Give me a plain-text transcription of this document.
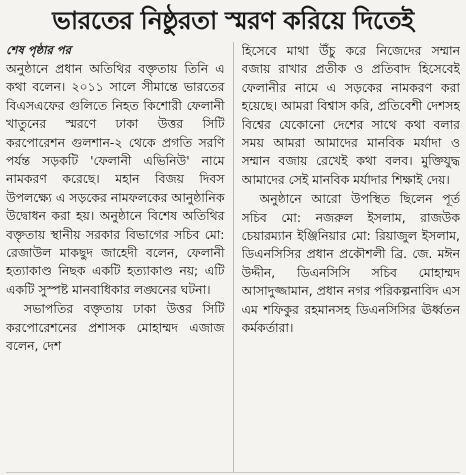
ভারতের নিষ্ঠুরতা স্মরণ করিয়ে দিতেই
শেষ পৃষ্ঠার পর

অনুষ্ঠানে প্রধান অতিথির বক্তৃতায় তিনি এ কথা বলেন। ২০১১ সালে সীমান্তে ভারতের বিএসএফের গুলিতে নিহত কিশোরী ফেলানী খাতুনের স্মরণে ঢাকা উত্তর সিটি করপোরেশন গুলশান-২ থেকে প্রগতি সরণি পর্যন্ত সড়কটি 'ফেলানী এভিনিউ' নামে নামকরণ করেছে। মহান বিজয় দিবস উপলক্ষ্যে এ সড়কের নামফলকের আনুষ্ঠানিক উদ্বোধন করা হয়। অনুষ্ঠানে বিশেষ অতিথির বক্তৃতায় স্থানীয় সরকার বিভাগের সচিব মো: রেজাউল মাকছুদ জাহেদী বলেন, ফেলানী হত্যাকাণ্ড নিছক একটি হত্যাকাণ্ড নয়; এটি একটি সুস্পষ্ট মানবাধিকার লঙ্ঘনের ঘটনা।

সভাপতির বক্তৃতায় ঢাকা উত্তর সিটি করপোরেশনের প্রশাসক মোহাম্মদ এজাজ বলেন, দেশ

হিসেবে মাথা উঁচু করে নিজেদের সম্মান বজায় রাখার প্রতীক ও প্রতিবাদ হিসেবেই ফেলানীর নামে এ সড়কের নামকরণ করা হয়েছে। আমরা বিশ্বাস করি, প্রতিবেশী দেশসহ বিশ্বের যেকোনো দেশের সাথে কথা বলার সময় আমরা আমাদের মানবিক মর্যাদা ও সম্মান বজায় রেখেই কথা বলব। মুক্তিযুদ্ধ আমাদের সেই মানবিক মর্যাদার শিক্ষাই দেয়।

অনুষ্ঠানে আরো উপস্থিত ছিলেন পূর্ত সচিব মো: নজরুল ইসলাম, রাজউক চেয়ারম্যান ইঞ্জিনিয়ার মো: রিয়াজুল ইসলাম, ডিএনসিসির প্রধান প্রকৌশলী ব্রি. জে. মঈন উদ্দীন, ডিএনসিসি সচিব মোহাম্মদ আসাদুজ্জামান, প্রধান নগর পরিকল্পনাবিদ এস এম শফিকুর রহমানসহ ডিএনসিসির ঊর্ধ্বতন কর্মকর্তারা।
